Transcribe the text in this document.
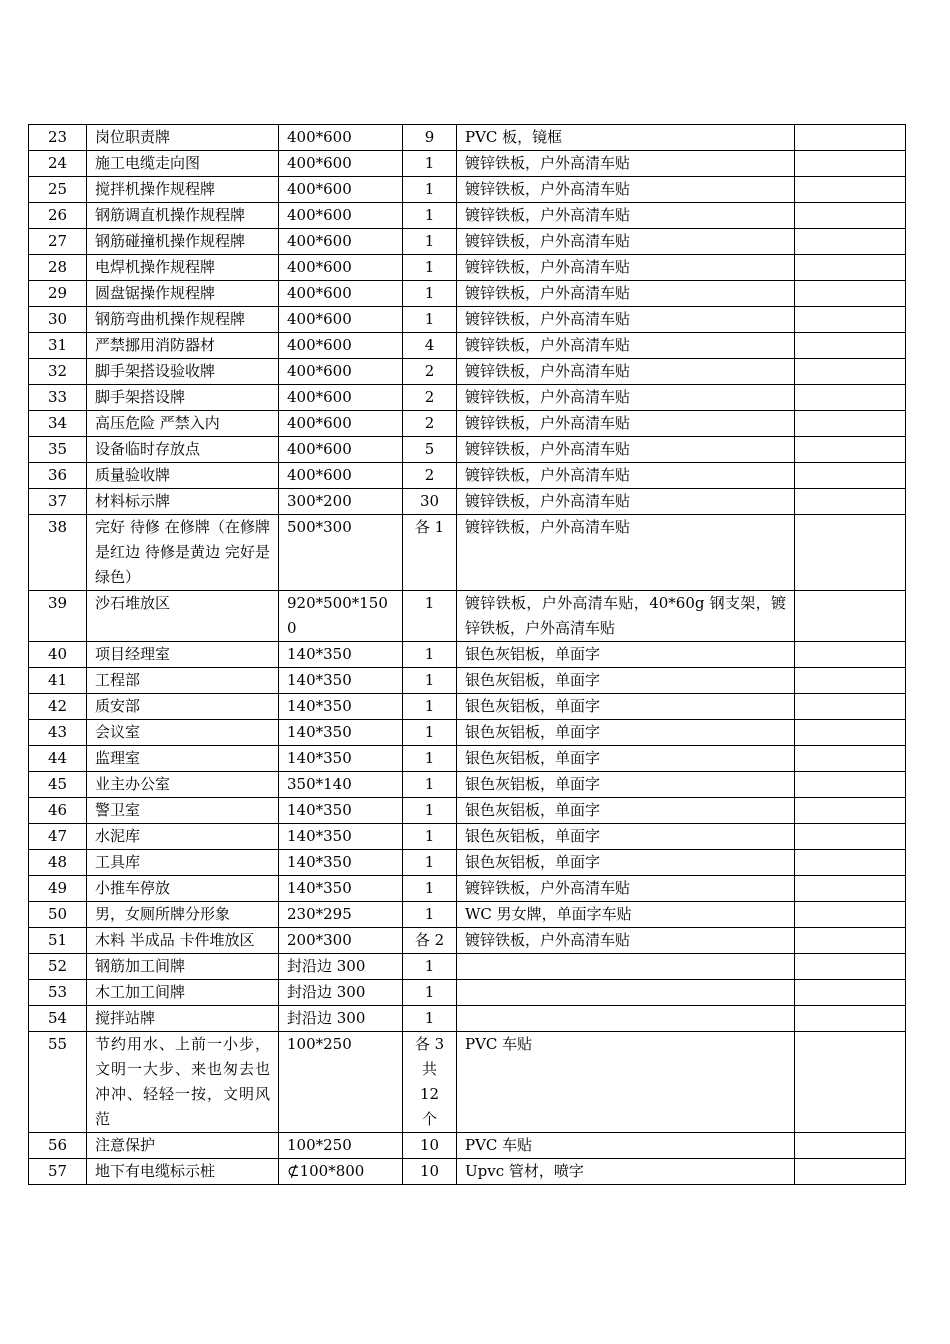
23	岗位职责牌	400*600	9	PVC 板，镜框	
24	施工电缆走向图	400*600	1	镀锌铁板，户外高清车贴	
25	搅拌机操作规程牌	400*600	1	镀锌铁板，户外高清车贴	
26	钢筋调直机操作规程牌	400*600	1	镀锌铁板，户外高清车贴	
27	钢筋碰撞机操作规程牌	400*600	1	镀锌铁板，户外高清车贴	
28	电焊机操作规程牌	400*600	1	镀锌铁板，户外高清车贴	
29	圆盘锯操作规程牌	400*600	1	镀锌铁板，户外高清车贴	
30	钢筋弯曲机操作规程牌	400*600	1	镀锌铁板，户外高清车贴	
31	严禁挪用消防器材	400*600	4	镀锌铁板，户外高清车贴	
32	脚手架搭设验收牌	400*600	2	镀锌铁板，户外高清车贴	
33	脚手架搭设牌	400*600	2	镀锌铁板，户外高清车贴	
34	高压危险 严禁入内	400*600	2	镀锌铁板，户外高清车贴	
35	设备临时存放点	400*600	5	镀锌铁板，户外高清车贴	
36	质量验收牌	400*600	2	镀锌铁板，户外高清车贴	
37	材料标示牌	300*200	30	镀锌铁板，户外高清车贴	
38	完好 待修 在修牌（在修牌是红边 待修是黄边 完好是绿色）	500*300	各 1	镀锌铁板，户外高清车贴	
39	沙石堆放区	920*500*1500	1	镀锌铁板，户外高清车贴，40*60g 钢支架，镀锌铁板，户外高清车贴	
40	项目经理室	140*350	1	银色灰铝板，单面字	
41	工程部	140*350	1	银色灰铝板，单面字	
42	质安部	140*350	1	银色灰铝板，单面字	
43	会议室	140*350	1	银色灰铝板，单面字	
44	监理室	140*350	1	银色灰铝板，单面字	
45	业主办公室	350*140	1	银色灰铝板，单面字	
46	警卫室	140*350	1	银色灰铝板，单面字	
47	水泥库	140*350	1	银色灰铝板，单面字	
48	工具库	140*350	1	银色灰铝板，单面字	
49	小推车停放	140*350	1	镀锌铁板，户外高清车贴	
50	男，女厕所牌分形象	230*295	1	WC 男女牌，单面字车贴	
51	木料 半成品 卡件堆放区	200*300	各 2	镀锌铁板，户外高清车贴	
52	钢筋加工间牌	封沿边 300	1		
53	木工加工间牌	封沿边 300	1		
54	搅拌站牌	封沿边 300	1		
55	节约用水、上前一小步，文明一大步、来也匆去也冲冲、轻轻一按，文明风范	100*250	各 3
共
12
个	PVC 车贴	
56	注意保护	100*250	10	PVC 车贴	
57	地下有电缆标示桩	⊄100*800	10	Upvc 管材，喷字	
